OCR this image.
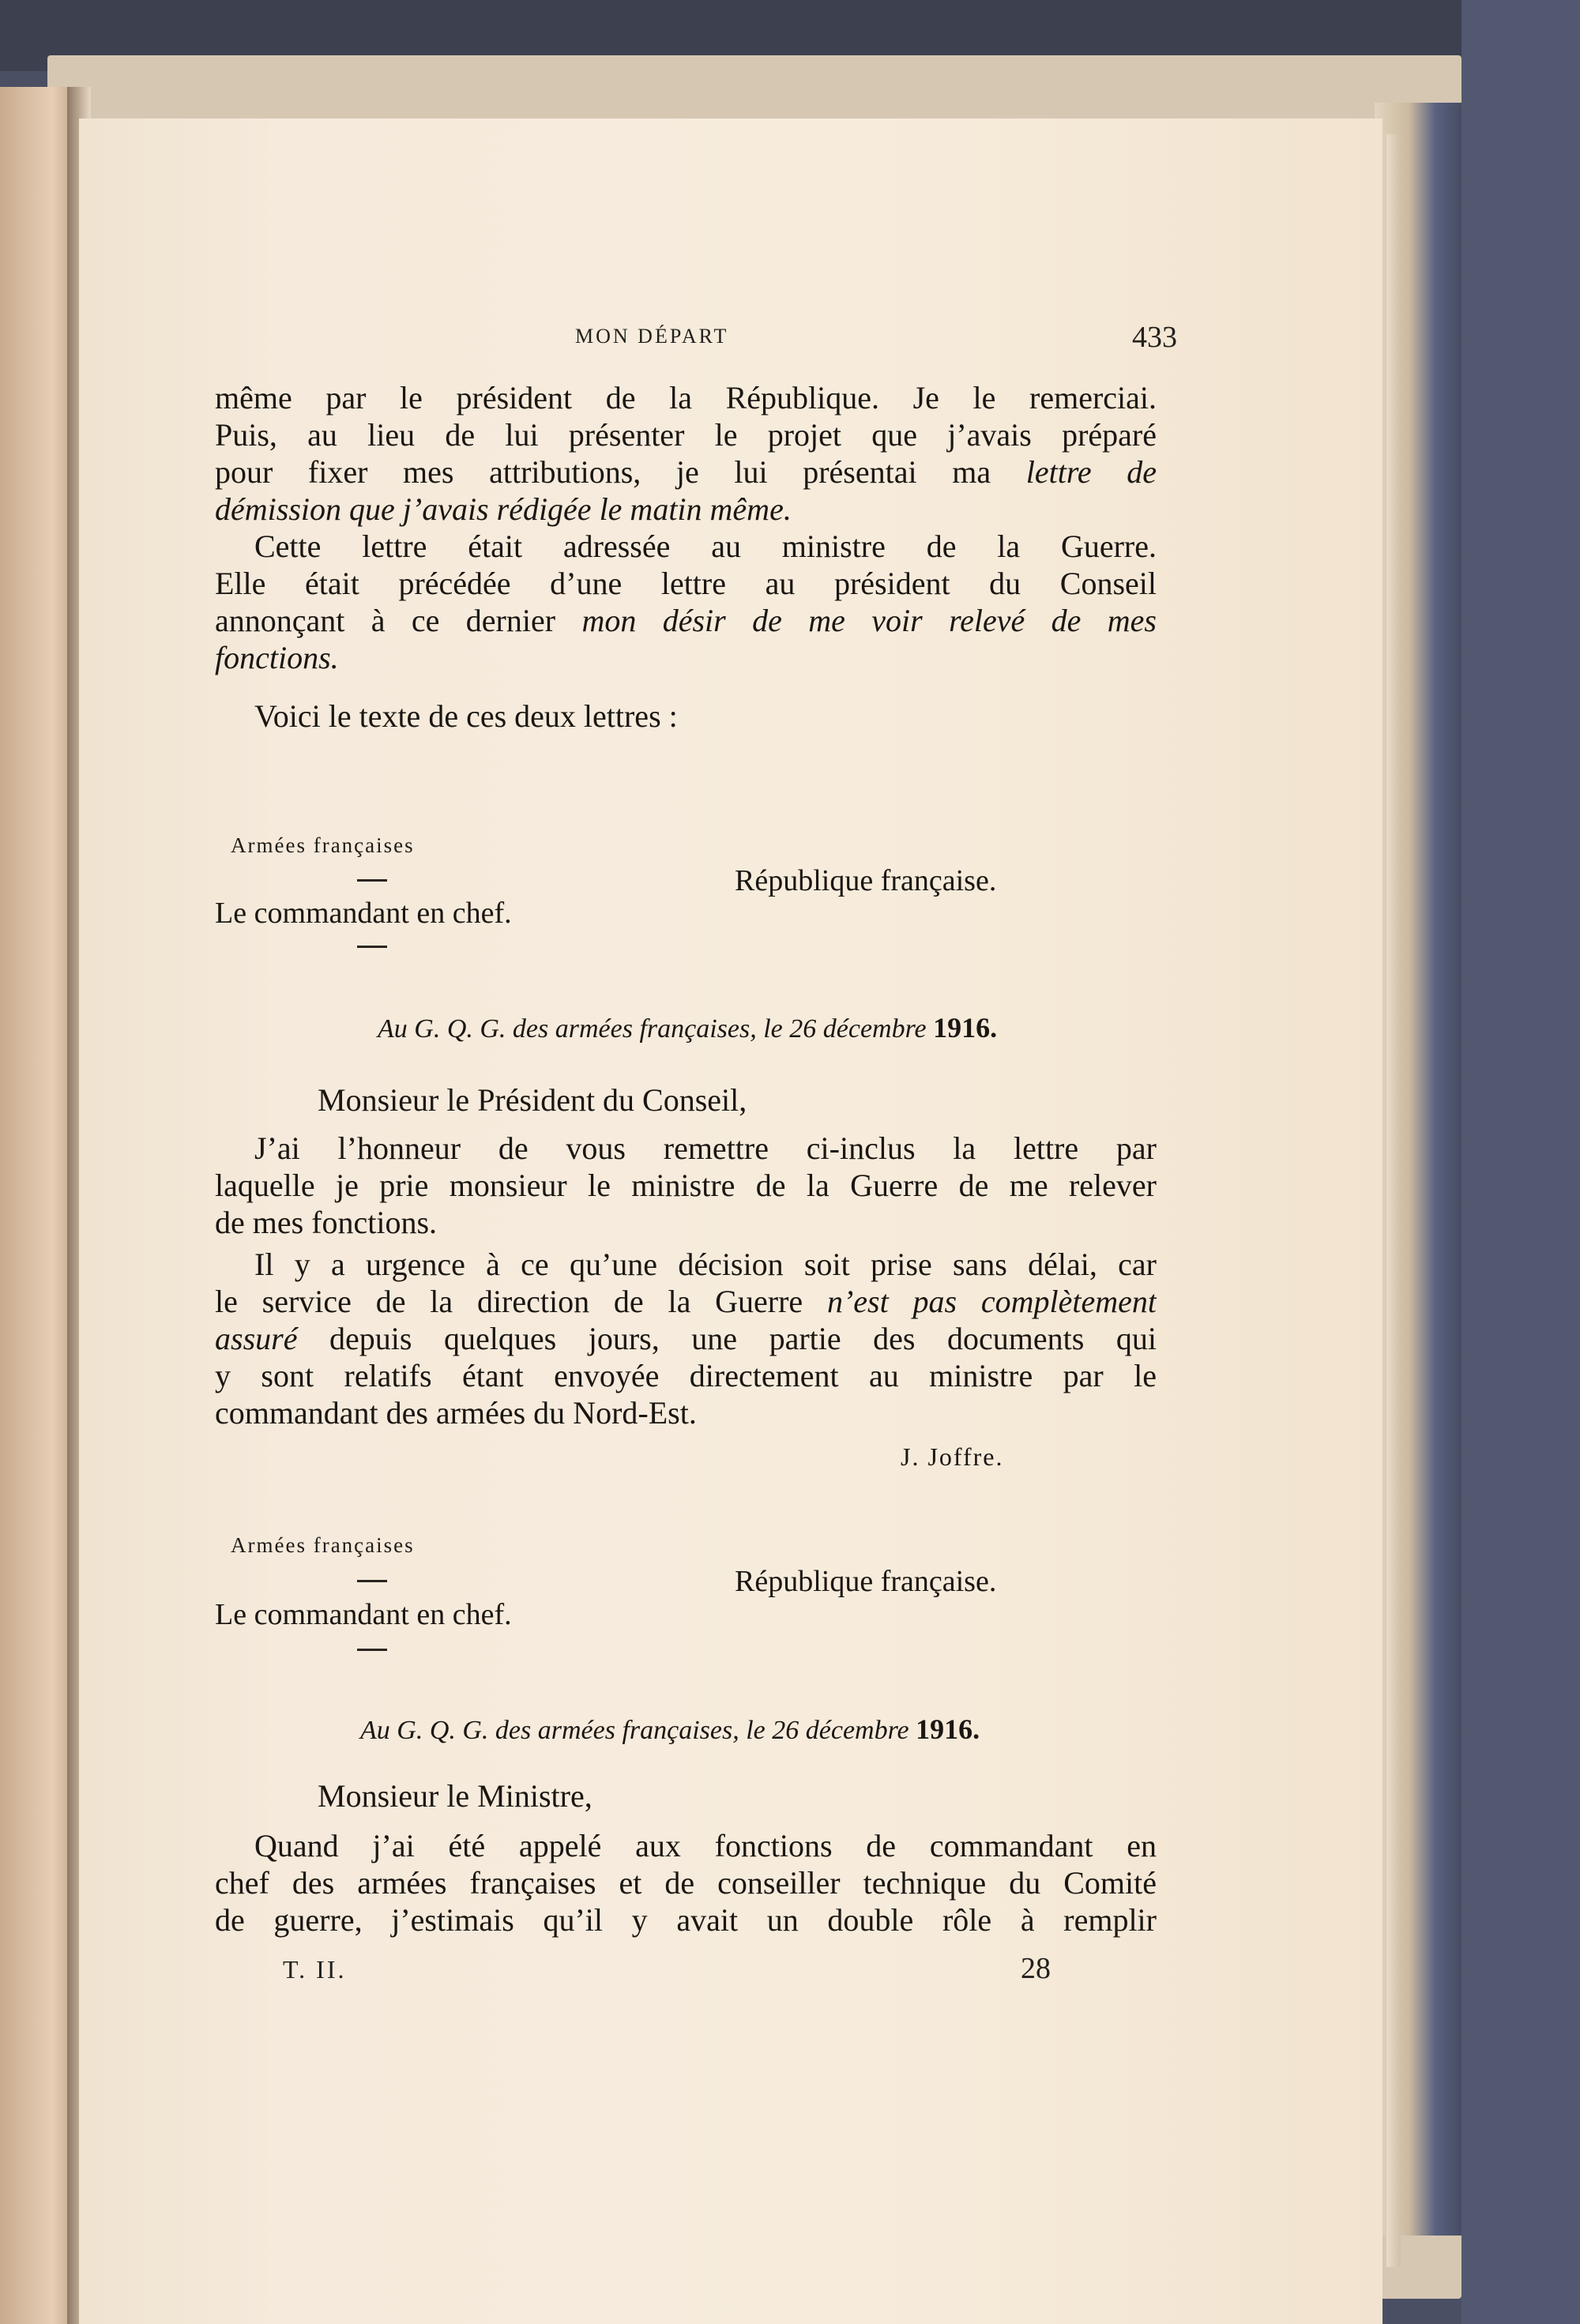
MON DÉPART	433
même par le président de la République. Je le remerciai.
Puis, au lieu de lui présenter le projet que j’avais préparé
pour fixer mes attributions, je lui présentai ma lettre de
démission que j’avais rédigée le matin même.
Cette lettre était adressée au ministre de la Guerre.
Elle était précédée d’une lettre au président du Conseil
annonçant à ce dernier mon désir de me voir relevé de mes
fonctions.
Voici le texte de ces deux lettres :
Armées françaises
République française.
Le commandant en chef.
Au G. Q. G. des armées françaises, le 26 décembre 1916.
Monsieur le Président du Conseil,
J’ai l’honneur de vous remettre ci-inclus la lettre par
laquelle je prie monsieur le ministre de la Guerre de me relever
de mes fonctions.
Il y a urgence à ce qu’une décision soit prise sans délai, car
le service de la direction de la Guerre n’est pas complètement
assuré depuis quelques jours, une partie des documents qui
y sont relatifs étant envoyée directement au ministre par le
commandant des armées du Nord-Est.
J. Joffre.
Armées françaises
République française.
Le commandant en chef.
Au G. Q. G. des armées françaises, le 26 décembre 1916.
Monsieur le Ministre,
Quand j’ai été appelé aux fonctions de commandant en
chef des armées françaises et de conseiller technique du Comité
de guerre, j’estimais qu’il y avait un double rôle à remplir
T. II.	28
